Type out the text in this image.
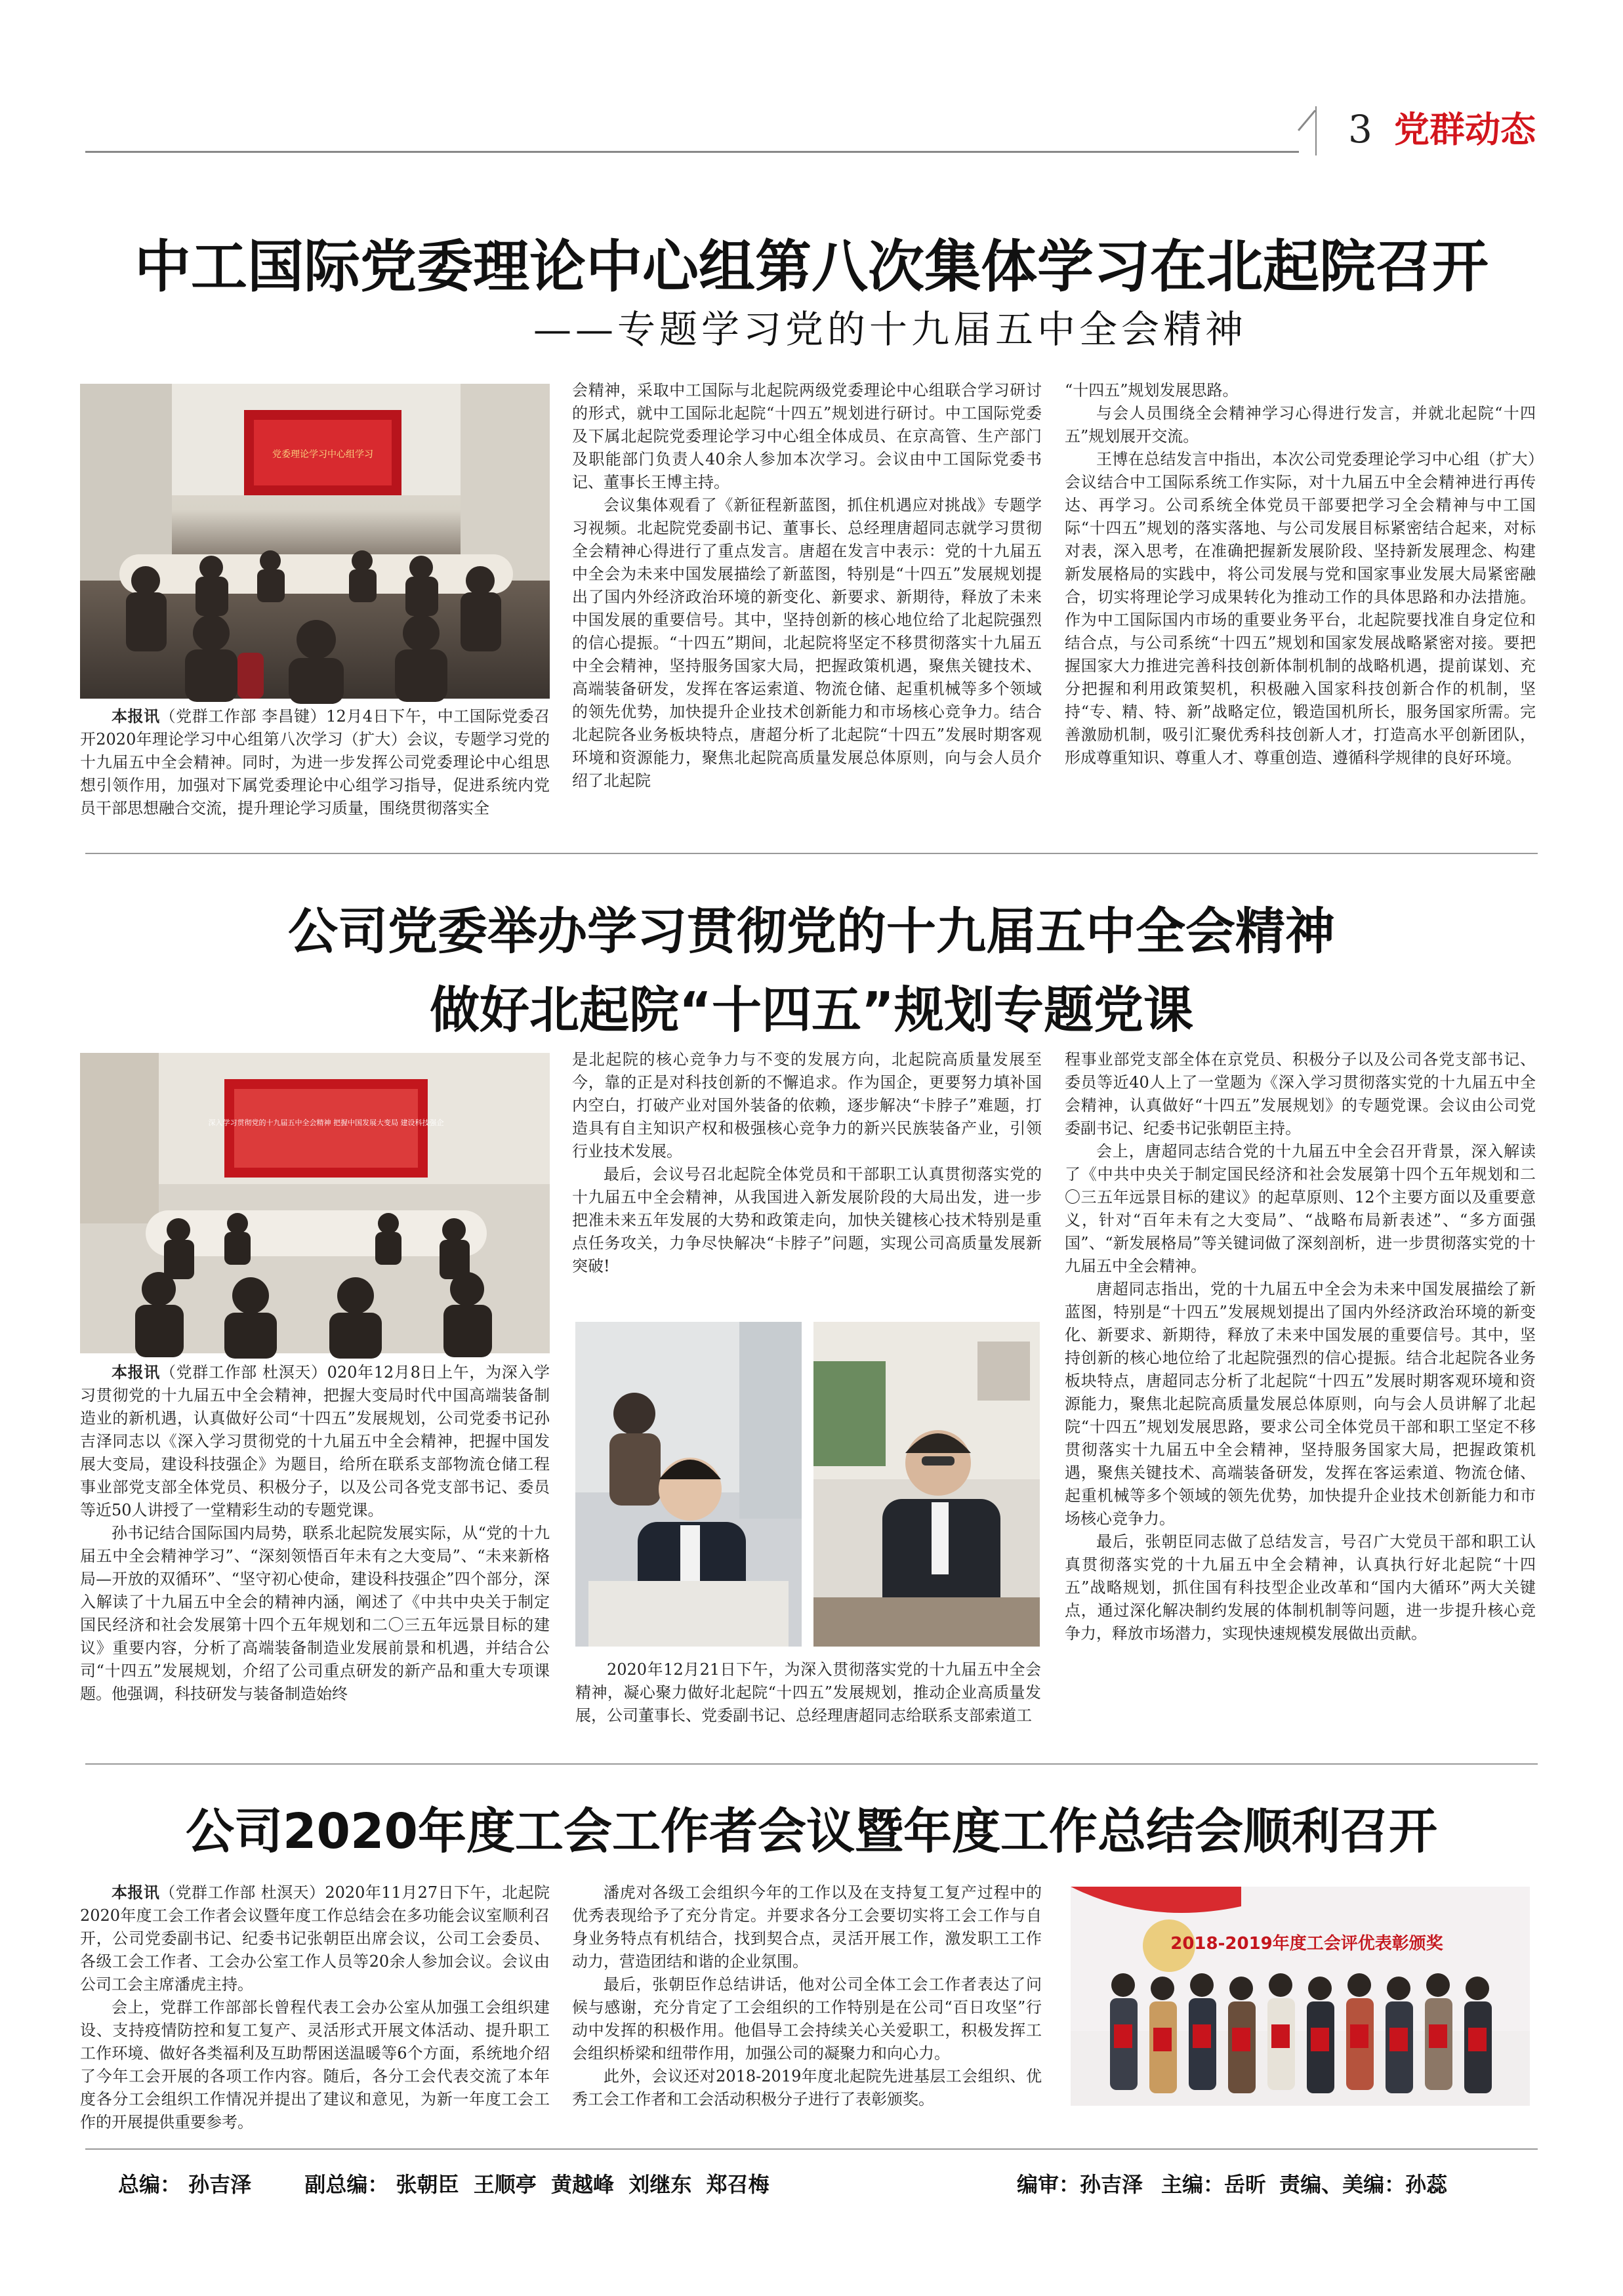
3 党群动态
中工国际党委理论中心组第八次集体学习在北起院召开
——专题学习党的十九届五中全会精神
党委理论学习中心组学习
本报讯（党群工作部 李昌键）12月4日下午，中工国际党委召开2020年理论学习中心组第八次学习（扩大）会议，专题学习党的十九届五中全会精神。同时，为进一步发挥公司党委理论中心组思想引领作用，加强对下属党委理论中心组学习指导，促进系统内党员干部思想融合交流，提升理论学习质量，围绕贯彻落实全

会精神，采取中工国际与北起院两级党委理论中心组联合学习研讨的形式，就中工国际北起院“十四五”规划进行研讨。中工国际党委及下属北起院党委理论学习中心组全体成员、在京高管、生产部门及职能部门负责人40余人参加本次学习。会议由中工国际党委书记、董事长王博主持。

会议集体观看了《新征程新蓝图，抓住机遇应对挑战》专题学习视频。北起院党委副书记、董事长、总经理唐超同志就学习贯彻全会精神心得进行了重点发言。唐超在发言中表示：党的十九届五中全会为未来中国发展描绘了新蓝图，特别是“十四五”发展规划提出了国内外经济政治环境的新变化、新要求、新期待，释放了未来中国发展的重要信号。其中，坚持创新的核心地位给了北起院强烈的信心提振。“十四五”期间，北起院将坚定不移贯彻落实十九届五中全会精神，坚持服务国家大局，把握政策机遇，聚焦关键技术、高端装备研发，发挥在客运索道、物流仓储、起重机械等多个领域的领先优势，加快提升企业技术创新能力和市场核心竞争力。结合北起院各业务板块特点，唐超分析了北起院“十四五”发展时期客观环境和资源能力，聚焦北起院高质量发展总体原则，向与会人员介绍了北起院

“十四五”规划发展思路。

与会人员围绕全会精神学习心得进行发言，并就北起院“十四五”规划展开交流。

王博在总结发言中指出，本次公司党委理论学习中心组（扩大）会议结合中工国际系统工作实际，对十九届五中全会精神进行再传达、再学习。公司系统全体党员干部要把学习全会精神与中工国际“十四五”规划的落实落地、与公司发展目标紧密结合起来，对标对表，深入思考，在准确把握新发展阶段、坚持新发展理念、构建新发展格局的实践中，将公司发展与党和国家事业发展大局紧密融合，切实将理论学习成果转化为推动工作的具体思路和办法措施。作为中工国际国内市场的重要业务平台，北起院要找准自身定位和结合点，与公司系统“十四五”规划和国家发展战略紧密对接。要把握国家大力推进完善科技创新体制机制的战略机遇，提前谋划、充分把握和利用政策契机，积极融入国家科技创新合作的机制，坚持“专、精、特、新”战略定位，锻造国机所长，服务国家所需。完善激励机制，吸引汇聚优秀科技创新人才，打造高水平创新团队，形成尊重知识、尊重人才、尊重创造、遵循科学规律的良好环境。

公司党委举办学习贯彻党的十九届五中全会精神
做好北起院“十四五”规划专题党课
深入学习贯彻党的十九届五中全会精神 把握中国发展大变局 建设科技强企

本报讯（党群工作部 杜溟天）020年12月8日上午，为深入学习贯彻党的十九届五中全会精神，把握大变局时代中国高端装备制造业的新机遇，认真做好公司“十四五”发展规划，公司党委书记孙吉泽同志以《深入学习贯彻党的十九届五中全会精神，把握中国发展大变局，建设科技强企》为题目，给所在联系支部物流仓储工程事业部党支部全体党员、积极分子，以及公司各党支部书记、委员等近50人讲授了一堂精彩生动的专题党课。

孙书记结合国际国内局势，联系北起院发展实际，从“党的十九届五中全会精神学习”、“深刻领悟百年未有之大变局”、“未来新格局—开放的双循环”、“坚守初心使命，建设科技强企”四个部分，深入解读了十九届五中全会的精神内涵，阐述了《中共中央关于制定国民经济和社会发展第十四个五年规划和二〇三五年远景目标的建议》重要内容，分析了高端装备制造业发展前景和机遇，并结合公司“十四五”发展规划，介绍了公司重点研发的新产品和重大专项课题。他强调，科技研发与装备制造始终

是北起院的核心竞争力与不变的发展方向，北起院高质量发展至今，靠的正是对科技创新的不懈追求。作为国企，更要努力填补国内空白，打破产业对国外装备的依赖，逐步解决“卡脖子”难题，打造具有自主知识产权和极强核心竞争力的新兴民族装备产业，引领行业技术发展。

最后，会议号召北起院全体党员和干部职工认真贯彻落实党的十九届五中全会精神，从我国进入新发展阶段的大局出发，进一步把准未来五年发展的大势和政策走向，加快关键核心技术特别是重点任务攻关，力争尽快解决“卡脖子”问题，实现公司高质量发展新突破!

2020年12月21日下午，为深入贯彻落实党的十九届五中全会精神，凝心聚力做好北起院“十四五”发展规划，推动企业高质量发展，公司董事长、党委副书记、总经理唐超同志给联系支部索道工

程事业部党支部全体在京党员、积极分子以及公司各党支部书记、委员等近40人上了一堂题为《深入学习贯彻落实党的十九届五中全会精神，认真做好“十四五”发展规划》的专题党课。会议由公司党委副书记、纪委书记张朝臣主持。

会上，唐超同志结合党的十九届五中全会召开背景，深入解读了《中共中央关于制定国民经济和社会发展第十四个五年规划和二〇三五年远景目标的建议》的起草原则、12个主要方面以及重要意义，针对“百年未有之大变局”、“战略布局新表述”、“多方面强国”、“新发展格局”等关键词做了深刻剖析，进一步贯彻落实党的十九届五中全会精神。

唐超同志指出，党的十九届五中全会为未来中国发展描绘了新蓝图，特别是“十四五”发展规划提出了国内外经济政治环境的新变化、新要求、新期待，释放了未来中国发展的重要信号。其中，坚持创新的核心地位给了北起院强烈的信心提振。结合北起院各业务板块特点，唐超同志分析了北起院“十四五”发展时期客观环境和资源能力，聚焦北起院高质量发展总体原则，向与会人员讲解了北起院“十四五”规划发展思路，要求公司全体党员干部和职工坚定不移贯彻落实十九届五中全会精神，坚持服务国家大局，把握政策机遇，聚焦关键技术、高端装备研发，发挥在客运索道、物流仓储、起重机械等多个领域的领先优势，加快提升企业技术创新能力和市场核心竞争力。

最后，张朝臣同志做了总结发言，号召广大党员干部和职工认真贯彻落实党的十九届五中全会精神，认真执行好北起院“十四五”战略规划，抓住国有科技型企业改革和“国内大循环”两大关键点，通过深化解决制约发展的体制机制等问题，进一步提升核心竞争力，释放市场潜力，实现快速规模发展做出贡献。

公司2020年度工会工作者会议暨年度工作总结会顺利召开

本报讯（党群工作部 杜溟天）2020年11月27日下午，北起院2020年度工会工作者会议暨年度工作总结会在多功能会议室顺利召开，公司党委副书记、纪委书记张朝臣出席会议，公司工会委员、各级工会工作者、工会办公室工作人员等20余人参加会议。会议由公司工会主席潘虎主持。

会上，党群工作部部长曾程代表工会办公室从加强工会组织建设、支持疫情防控和复工复产、灵活形式开展文体活动、提升职工工作环境、做好各类福利及互助帮困送温暖等6个方面，系统地介绍了今年工会开展的各项工作内容。随后，各分工会代表交流了本年度各分工会组织工作情况并提出了建议和意见，为新一年度工会工作的开展提供重要参考。

潘虎对各级工会组织今年的工作以及在支持复工复产过程中的优秀表现给予了充分肯定。并要求各分工会要切实将工会工作与自身业务特点有机结合，找到契合点，灵活开展工作，激发职工工作动力，营造团结和谐的企业氛围。

最后，张朝臣作总结讲话，他对公司全体工会工作者表达了问候与感谢，充分肯定了工会组织的工作特别是在公司“百日攻坚”行动中发挥的积极作用。他倡导工会持续关心关爱职工，积极发挥工会组织桥梁和纽带作用，加强公司的凝聚力和向心力。

此外，会议还对2018-2019年度北起院先进基层工会组织、优秀工会工作者和工会活动积极分子进行了表彰颁奖。

2018-2019年度工会评优表彰颁奖
总编： 孙吉泽	副总编： 张朝臣  王顺亭  黄越峰  刘继东  郑召梅	编审：孙吉泽 主编：岳昕 责编、美编：孙蕊
